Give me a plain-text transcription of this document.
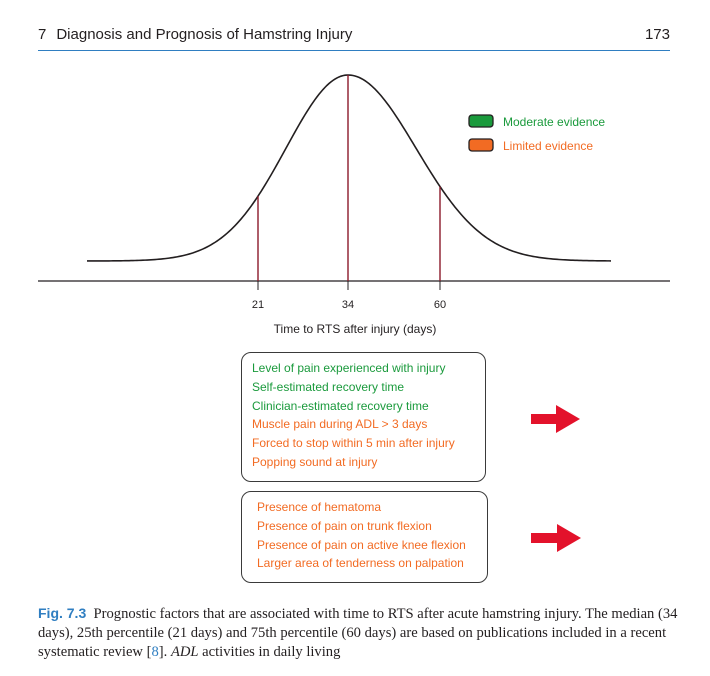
7 Diagnosis and Prognosis of Hamstring Injury	173
21	34	60
Time to RTS after injury (days)
Moderate evidence
Limited evidence
Level of pain experienced with injury
Self-estimated recovery time
Clinician-estimated recovery time
Muscle pain during ADL > 3 days
Forced to stop within 5 min after injury
Popping sound at injury
Presence of hematoma
Presence of pain on trunk flexion
Presence of pain on active knee flexion
Larger area of tenderness on palpation
Fig. 7.3 Prognostic factors that are associated with time to RTS after acute hamstring injury. The median (34 days), 25th percentile (21 days) and 75th percentile (60 days) are based on publications included in a recent systematic review [8]. ADL activities in daily living
